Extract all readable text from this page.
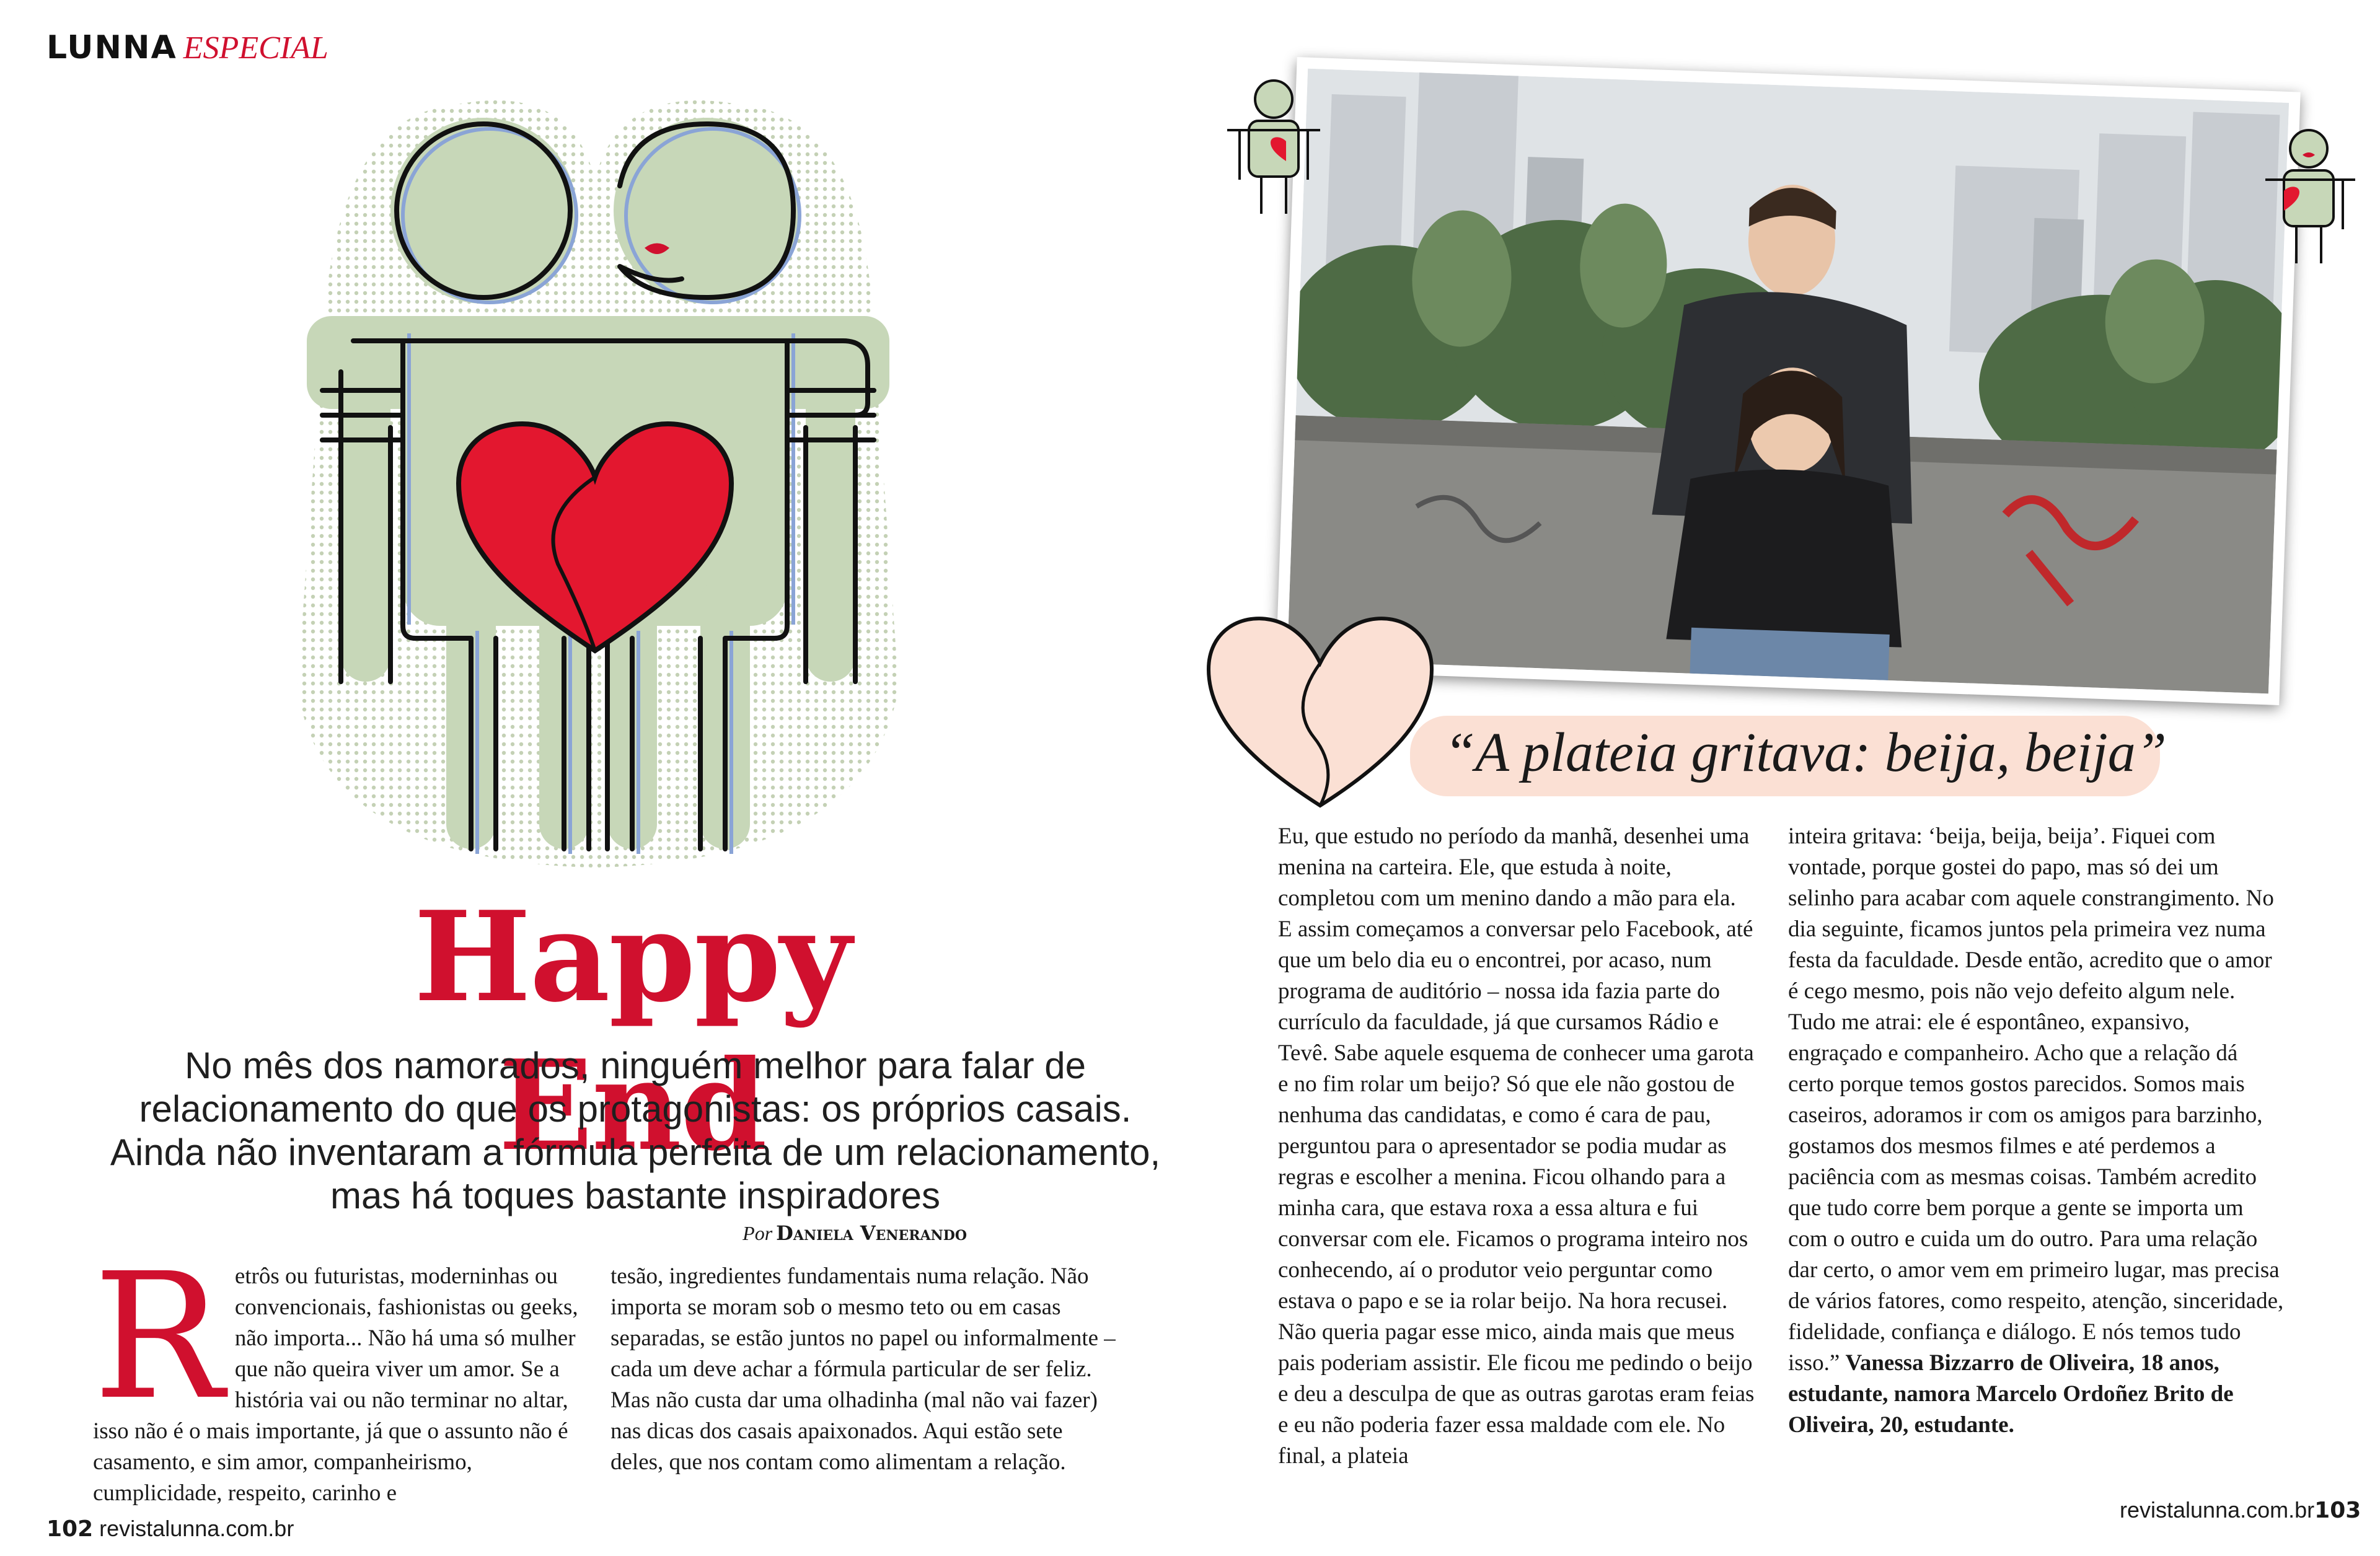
LUNNA ESPECIAL
Happy End
No mês dos namorados, ninguém melhor para falar de relacionamento do que os protagonistas: os próprios casais. Ainda não inventaram a fórmula perfeita de um relacionamento, mas há toques bastante inspiradores
Por Daniela Venerando
Retrôs ou futuristas, moderninhas ou convencionais, fashionistas ou geeks, não importa... Não há uma só mulher que não queira viver um amor. Se a história vai ou não terminar no altar, isso não é o mais importante, já que o assunto não é casamento, e sim amor, companheirismo, cumplicidade, respeito, carinho e
tesão, ingredientes fundamentais numa relação. Não importa se moram sob o mesmo teto ou em casas separadas, se estão juntos no papel ou informalmente – cada um deve achar a fórmula particular de ser feliz. Mas não custa dar uma olhadinha (mal não vai fazer) nas dicas dos casais apaixonados. Aqui estão sete deles, que nos contam como alimentam a relação.
“A plateia gritava: beija, beija”
Eu, que estudo no período da manhã, desenhei uma menina na carteira. Ele, que estuda à noite, completou com um menino dando a mão para ela. E assim começamos a conversar pelo Facebook, até que um belo dia eu o encontrei, por acaso, num programa de auditório – nossa ida fazia parte do currículo da faculdade, já que cursamos Rádio e Tevê. Sabe aquele esquema de conhecer uma garota e no fim rolar um beijo? Só que ele não gostou de nenhuma das candidatas, e como é cara de pau, perguntou para o apresentador se podia mudar as regras e escolher a menina. Ficou olhando para a minha cara, que estava roxa a essa altura e fui conversar com ele. Ficamos o programa inteiro nos conhecendo, aí o produtor veio perguntar como estava o papo e se ia rolar beijo. Na hora recusei. Não queria pagar esse mico, ainda mais que meus pais poderiam assistir. Ele ficou me pedindo o beijo e deu a desculpa de que as outras garotas eram feias e eu não poderia fazer essa maldade com ele. No final, a plateia
inteira gritava: ‘beija, beija, beija’. Fiquei com vontade, porque gostei do papo, mas só dei um selinho para acabar com aquele constrangimento. No dia seguinte, ficamos juntos pela primeira vez numa festa da faculdade. Desde então, acredito que o amor é cego mesmo, pois não vejo defeito algum nele. Tudo me atrai: ele é espontâneo, expansivo, engraçado e companheiro. Acho que a relação dá certo porque temos gostos parecidos. Somos mais caseiros, adoramos ir com os amigos para barzinho, gostamos dos mesmos filmes e até perdemos a paciência com as mesmas coisas. Também acredito que tudo corre bem porque a gente se importa um com o outro e cuida um do outro. Para uma relação dar certo, o amor vem em primeiro lugar, mas precisa de vários fatores, como respeito, atenção, sinceridade, fidelidade, confiança e diálogo. E nós temos tudo isso.” Vanessa Bizzarro de Oliveira, 18 anos, estudante, namora Marcelo Ordoñez Brito de Oliveira, 20, estudante.
102 revistalunna.com.br
revistalunna.com.br103
